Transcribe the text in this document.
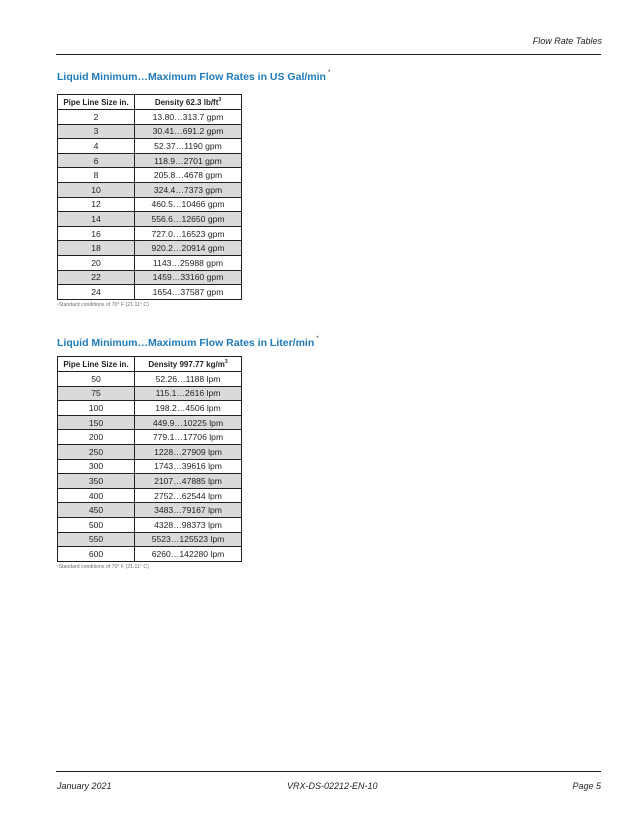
Flow Rate Tables
Liquid Minimum…Maximum Flow Rates in US Gal/min *
Pipe Line Size in.	Density 62.3 $lb/ft^3$
2	13.80…313.7 gpm
3	30.41…691.2 gpm
4	52.37…1190 gpm
6	118.9…2701 gpm
8	205.8…4678 gpm
10	324.4…7373 gpm
12	460.5…10466 gpm
14	556.6…12650 gpm
16	727.0…16523 gpm
18	920.2…20914 gpm
20	1143…25988 gpm
22	1459…33160 gpm
24	1654…37587 gpm
*Standard conditions of 70° F (21.11° C)
Liquid Minimum…Maximum Flow Rates in Liter/min *
Pipe Line Size in.	Density 997.77 $kg/m^3$
50	52.26…1188 lpm
75	115.1…2616 lpm
100	198.2…4506 lpm
150	449.9…10225 lpm
200	779.1…17706 lpm
250	1228…27909 lpm
300	1743…39616 lpm
350	2107…47885 lpm
400	2752…62544 lpm
450	3483…79167 lpm
500	4328…98373 lpm
550	5523…125523 lpm
600	6260…142280 lpm
*Standard conditions of 70° F (21.11° C)
January 2021	VRX-DS-02212-EN-10	Page 5
